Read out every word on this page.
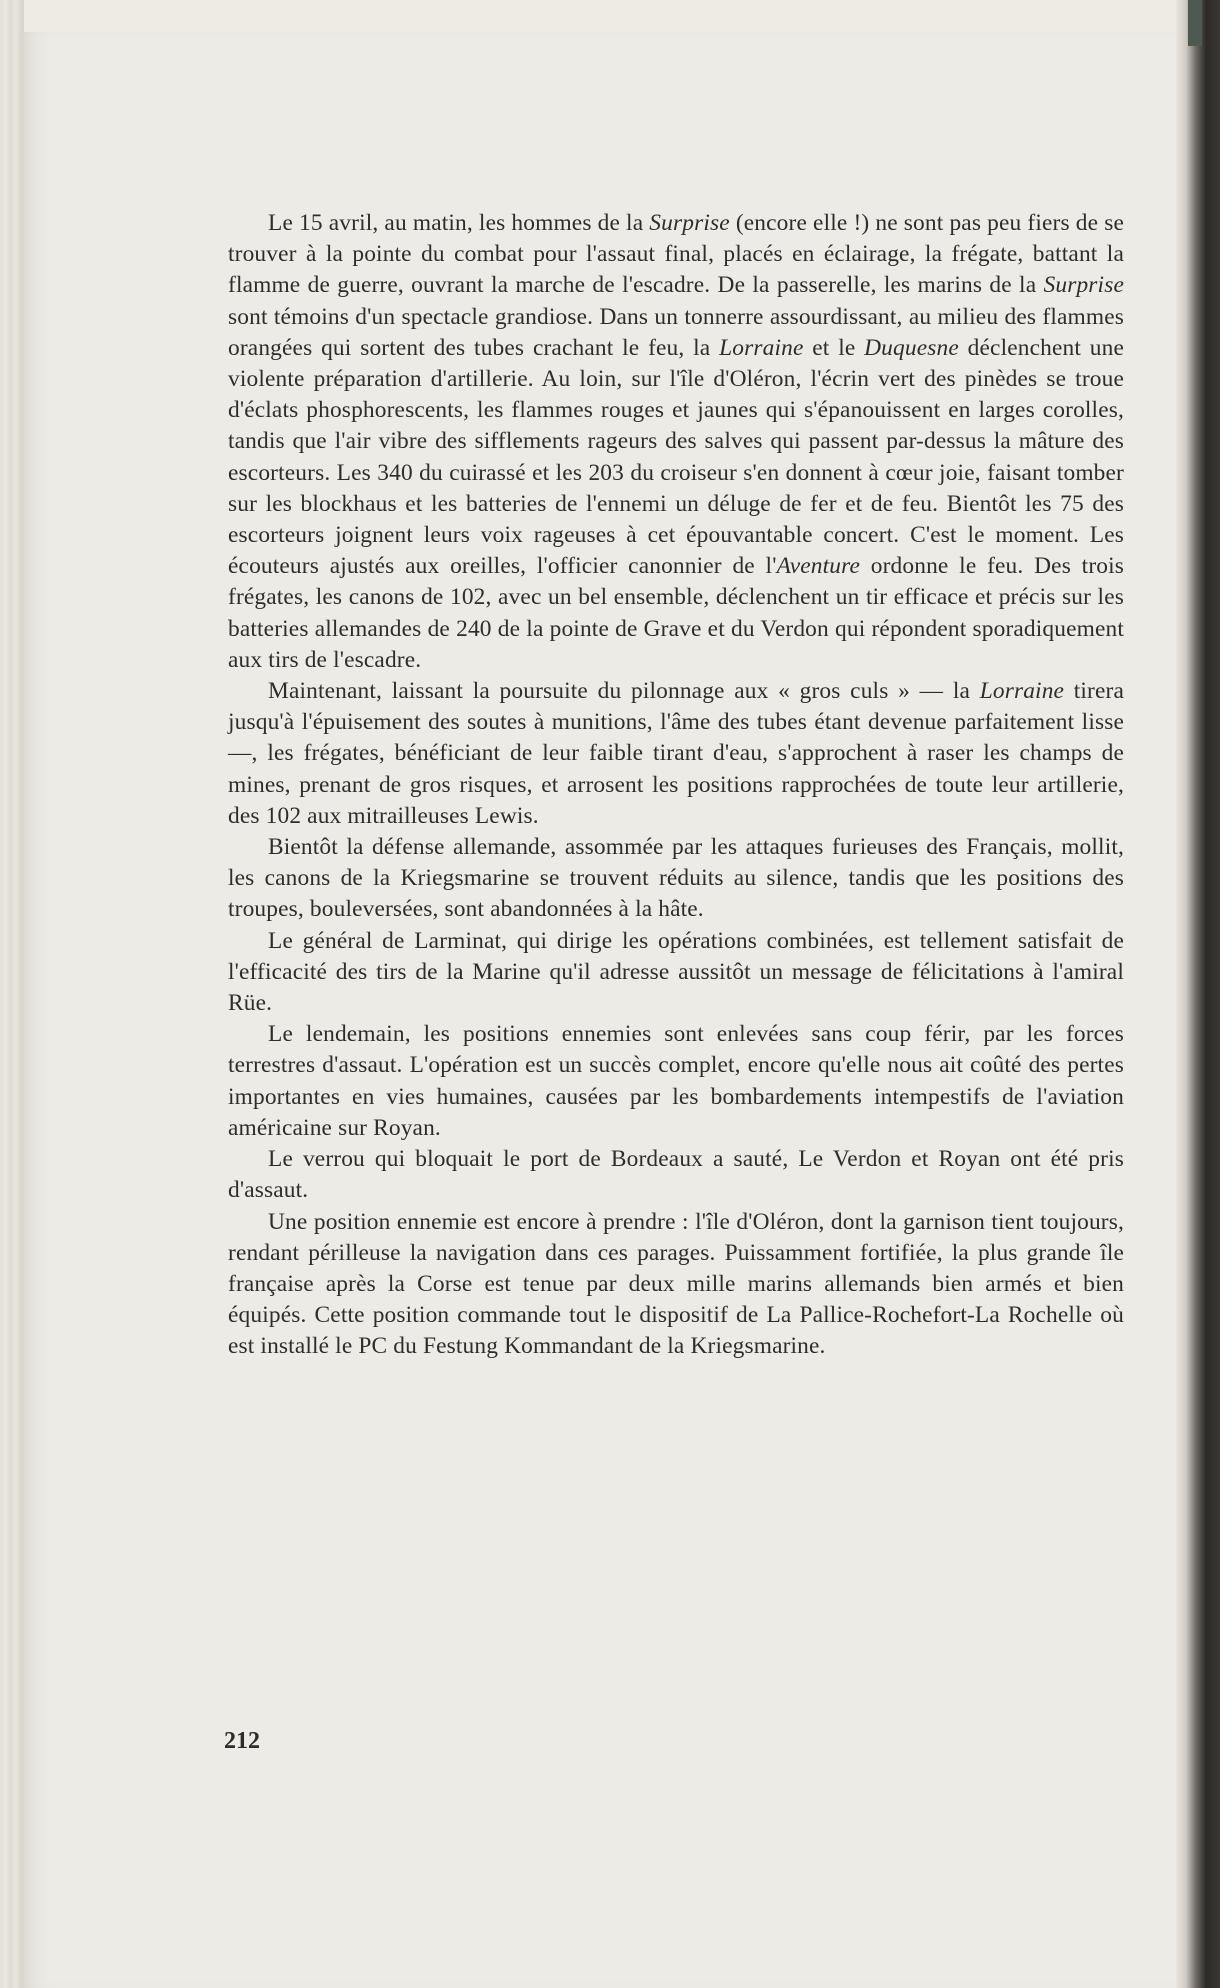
Le 15 avril, au matin, les hommes de la Surprise (encore elle !) ne sont pas peu fiers de se trouver à la pointe du combat pour l'assaut final, placés en éclairage, la frégate, battant la flamme de guerre, ouvrant la marche de l'escadre. De la passerelle, les marins de la Surprise sont témoins d'un spectacle grandiose. Dans un tonnerre assourdissant, au milieu des flammes orangées qui sortent des tubes crachant le feu, la Lorraine et le Duquesne déclenchent une violente préparation d'artillerie. Au loin, sur l'île d'Oléron, l'écrin vert des pinèdes se troue d'éclats phosphorescents, les flammes rouges et jaunes qui s'épanouissent en larges corolles, tandis que l'air vibre des sifflements rageurs des salves qui passent par-dessus la mâture des escorteurs. Les 340 du cuirassé et les 203 du croiseur s'en donnent à cœur joie, faisant tomber sur les blockhaus et les batteries de l'ennemi un déluge de fer et de feu. Bientôt les 75 des escorteurs joignent leurs voix rageuses à cet épouvantable concert. C'est le moment. Les écouteurs ajustés aux oreilles, l'officier canonnier de l'Aventure ordonne le feu. Des trois frégates, les canons de 102, avec un bel ensemble, déclenchent un tir efficace et précis sur les batteries allemandes de 240 de la pointe de Grave et du Verdon qui répondent sporadiquement aux tirs de l'escadre.

Maintenant, laissant la poursuite du pilonnage aux « gros culs » — la Lorraine tirera jusqu'à l'épuisement des soutes à munitions, l'âme des tubes étant devenue parfaitement lisse —, les frégates, bénéficiant de leur faible tirant d'eau, s'approchent à raser les champs de mines, prenant de gros risques, et arrosent les positions rapprochées de toute leur artillerie, des 102 aux mitrailleuses Lewis.

Bientôt la défense allemande, assommée par les attaques furieuses des Français, mollit, les canons de la Kriegsmarine se trouvent réduits au silence, tandis que les positions des troupes, bouleversées, sont abandonnées à la hâte.

Le général de Larminat, qui dirige les opérations combinées, est tellement satisfait de l'efficacité des tirs de la Marine qu'il adresse aussitôt un message de félicitations à l'amiral Rüe.

Le lendemain, les positions ennemies sont enlevées sans coup férir, par les forces terrestres d'assaut. L'opération est un succès complet, encore qu'elle nous ait coûté des pertes importantes en vies humaines, causées par les bombardements intempestifs de l'aviation américaine sur Royan.

Le verrou qui bloquait le port de Bordeaux a sauté, Le Verdon et Royan ont été pris d'assaut.

Une position ennemie est encore à prendre : l'île d'Oléron, dont la garnison tient toujours, rendant périlleuse la navigation dans ces parages. Puissamment fortifiée, la plus grande île française après la Corse est tenue par deux mille marins allemands bien armés et bien équipés. Cette position commande tout le dispositif de La Pallice-Rochefort-La Rochelle où est installé le PC du Festung Kommandant de la Kriegsmarine.

212
